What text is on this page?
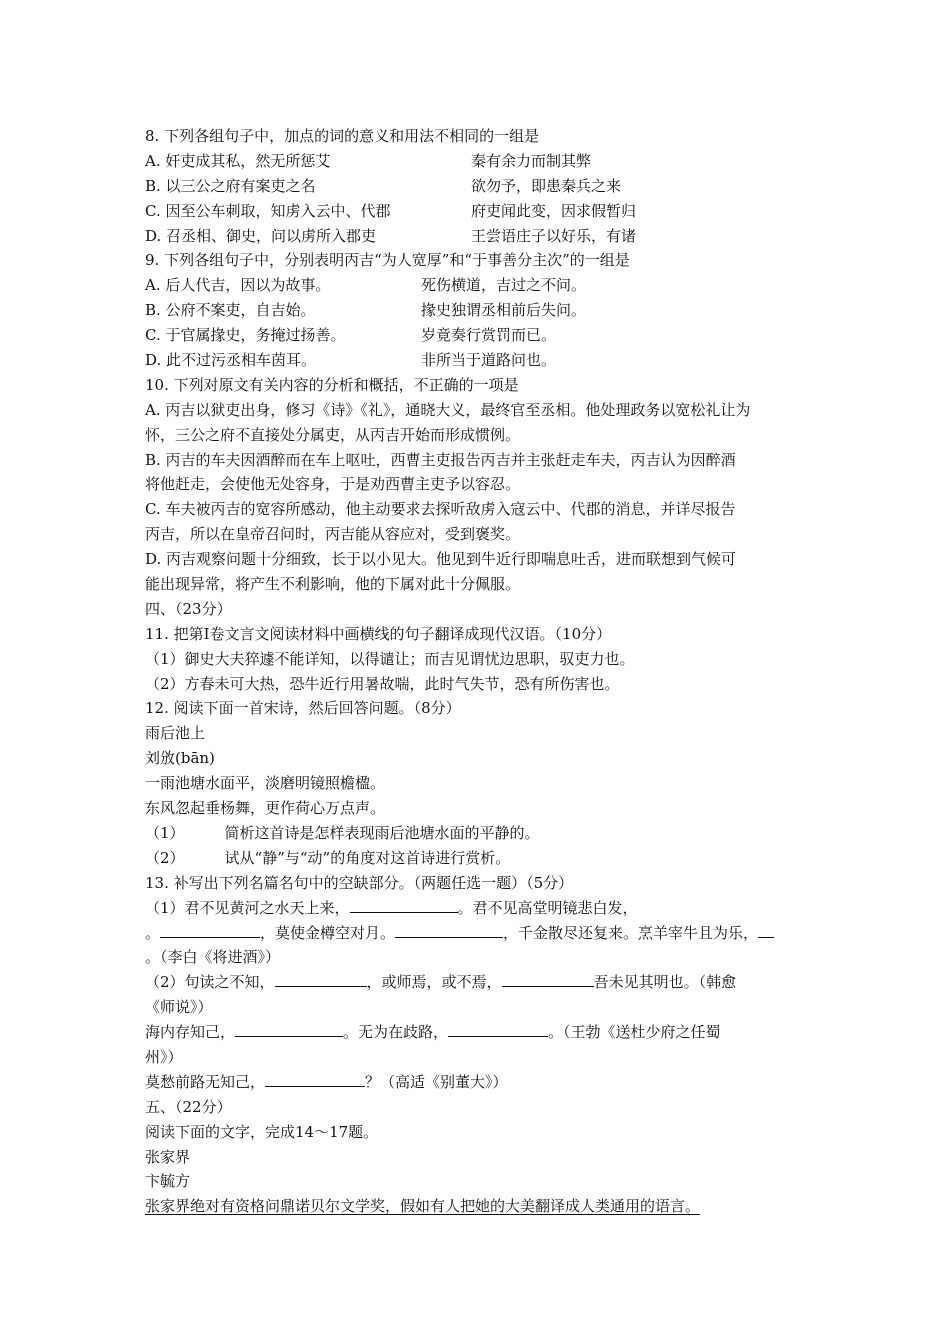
8. 下列各组句子中，加点的词的意义和用法不相同的一组是
A. 奸吏成其私，然无所惩艾	秦有余力而制其弊
B. 以三公之府有案吏之名	欲勿予，即患秦兵之来
C. 因至公车刺取，知虏入云中、代郡	府吏闻此变，因求假暂归
D. 召丞相、御史，问以虏所入郡吏	王尝语庄子以好乐，有诸
9. 下列各组句子中，分别表明丙吉“为人宽厚”和“于事善分主次”的一组是
A. 后人代吉，因以为故事。	死伤横道，吉过之不问。
B. 公府不案吏，自吉始。	掾史独谓丞相前后失问。
C. 于官属掾史，务掩过扬善。	岁竟奏行赏罚而已。
D. 此不过污丞相车茵耳。	非所当于道路问也。
10. 下列对原文有关内容的分析和概括，不正确的一项是
A. 丙吉以狱吏出身，修习《诗》《礼》，通晓大义，最终官至丞相。他处理政务以宽松礼让为
怀，三公之府不直接处分属吏，从丙吉开始而形成惯例。
B. 丙吉的车夫因酒醉而在车上呕吐，西曹主吏报告丙吉并主张赶走车夫，丙吉认为因醉酒
将他赶走，会使他无处容身，于是劝西曹主吏予以容忍。
C. 车夫被丙吉的宽容所感动，他主动要求去探听敌虏入寇云中、代郡的消息，并详尽报告
丙吉，所以在皇帝召问时，丙吉能从容应对，受到褒奖。
D. 丙吉观察问题十分细致，长于以小见大。他见到牛近行即喘息吐舌，进而联想到气候可
能出现异常，将产生不利影响，他的下属对此十分佩服。
四、（23分）
11. 把第Ⅰ卷文言文阅读材料中画横线的句子翻译成现代汉语。（10分）
（1）御史大夫猝遽不能详知，以得谴让；而吉见谓忧边思职，驭吏力也。
（2）方春未可大热，恐牛近行用暑故喘，此时气失节，恐有所伤害也。
12. 阅读下面一首宋诗，然后回答问题。（8分）
雨后池上
刘攽(bān)
一雨池塘水面平，淡磨明镜照檐楹。
东风忽起垂杨舞，更作荷心万点声。
（1）	简析这首诗是怎样表现雨后池塘水面的平静的。
（2）	试从“静”与“动”的角度对这首诗进行赏析。
13. 补写出下列名篇名句中的空缺部分。（两题任选一题）（5分）
（1）君不见黄河之水天上来，	。君不见高堂明镜悲白发，
。	，莫使金樽空对月。	，千金散尽还复来。烹羊宰牛且为乐，
。（李白《将进酒》）
（2）句读之不知，	，或师焉，或不焉，	吾未见其明也。（韩愈
《师说》）
海内存知己，	。无为在歧路，	。（王勃《送杜少府之任蜀
州》）
莫愁前路无知己，	？（高适《别董大》）
五、（22分）
阅读下面的文字，完成14～17题。
张家界
卞毓方
张家界绝对有资格问鼎诺贝尔文学奖，假如有人把她的大美翻译成人类通用的语言。
